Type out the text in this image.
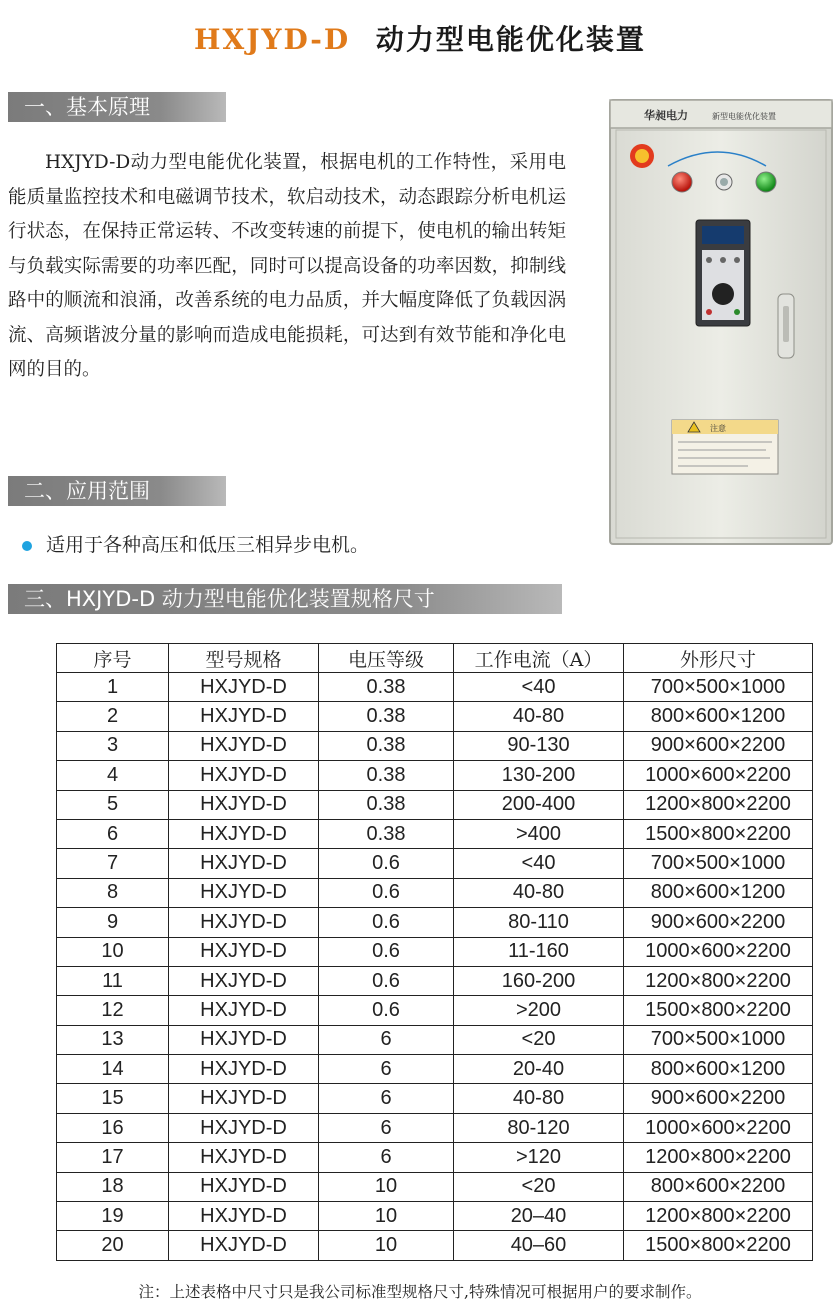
HXJYD-D 动力型电能优化装置
一、基本原理

HXJYD-D动力型电能优化装置，根据电机的工作特性，采用电能质量监控技术和电磁调节技术，软启动技术，动态跟踪分析电机运行状态，在保持正常运转、不改变转速的前提下，使电机的输出转矩与负载实际需要的功率匹配，同时可以提高设备的功率因数，抑制线路中的顺流和浪涌，改善系统的电力品质，并大幅度降低了负载因涡流、高频谐波分量的影响而造成电能损耗，可达到有效节能和净化电网的目的。

二、应用范围
适用于各种高压和低压三相异步电机。
三、HXJYD-D 动力型电能优化装置规格尺寸
华昶电力	新型电能优化装置
注意
序号	型号规格	电压等级	工作电流（A）	外形尺寸
1	HXJYD-D	0.38	<40	700×500×1000
2	HXJYD-D	0.38	40-80	800×600×1200
3	HXJYD-D	0.38	90-130	900×600×2200
4	HXJYD-D	0.38	130-200	1000×600×2200
5	HXJYD-D	0.38	200-400	1200×800×2200
6	HXJYD-D	0.38	>400	1500×800×2200
7	HXJYD-D	0.6	<40	700×500×1000
8	HXJYD-D	0.6	40-80	800×600×1200
9	HXJYD-D	0.6	80-110	900×600×2200
10	HXJYD-D	0.6	11-160	1000×600×2200
11	HXJYD-D	0.6	160-200	1200×800×2200
12	HXJYD-D	0.6	>200	1500×800×2200
13	HXJYD-D	6	<20	700×500×1000
14	HXJYD-D	6	20-40	800×600×1200
15	HXJYD-D	6	40-80	900×600×2200
16	HXJYD-D	6	80-120	1000×600×2200
17	HXJYD-D	6	>120	1200×800×2200
18	HXJYD-D	10	<20	800×600×2200
19	HXJYD-D	10	20–40	1200×800×2200
20	HXJYD-D	10	40–60	1500×800×2200
注：上述表格中尺寸只是我公司标准型规格尺寸,特殊情况可根据用户的要求制作。
